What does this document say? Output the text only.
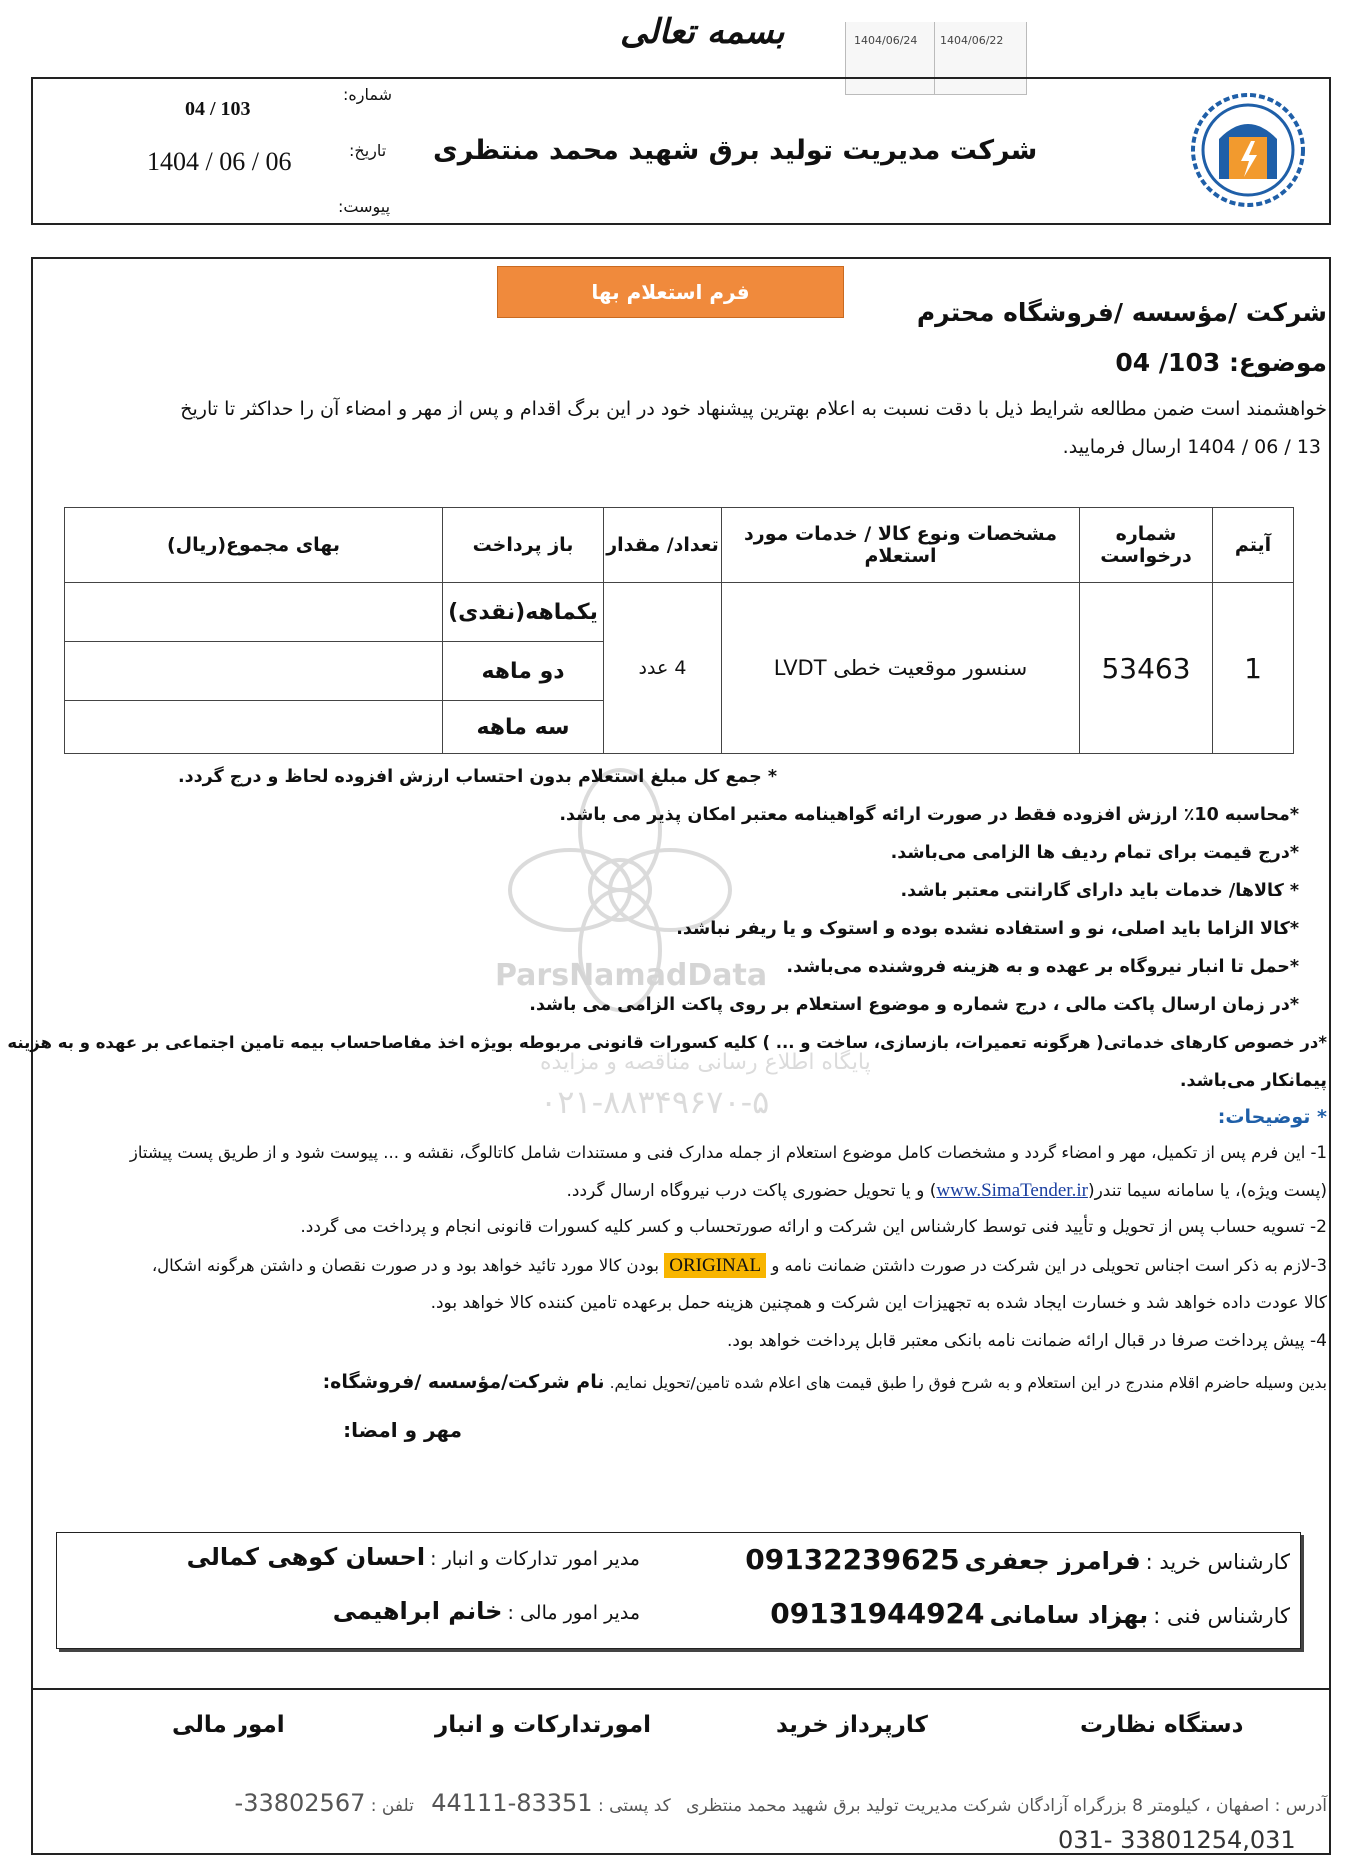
بسمه تعالی	1404/06/24 1404/06/22
شرکت مدیریت تولید برق شهید محمد منتظری
شماره:
04 / 103
تاریخ:
1404 / 06 / 06
پیوست:
فرم استعلام بها
شرکت /مؤسسه /فروشگاه محترم
موضوع: 103/ 04
خواهشمند است ضمن مطالعه شرایط ذیل با دقت نسبت به اعلام بهترین پیشنهاد خود در این برگ اقدام و پس از مهر و امضاء آن را حداکثر تا تاریخ
13 / 06 / 1404 ارسال فرمایید.
آیتم	شماره درخواست	مشخصات ونوع کالا / خدمات مورد استعلام	تعداد/ مقدار	باز پرداخت	بهای مجموع(ریال)
1	53463	سنسور موقعیت خطی LVDT	4 عدد	یکماهه(نقدی)	
				دو ماهه	
				سه ماهه	
ParsNamadData
پایگاه اطلاع رسانی مناقصه و مزایده
۰۲۱-۸۸۳۴۹۶۷۰-۵
* جمع کل مبلغ استعلام بدون احتساب ارزش افزوده لحاظ و درج گردد.
*محاسبه 10٪ ارزش افزوده فقط در صورت ارائه گواهینامه معتبر امکان پذیر می باشد.
*درج قیمت برای تمام ردیف ها الزامی می‌باشد.
* کالاها/ خدمات باید دارای گارانتی معتبر باشد.
*کالا الزاما باید اصلی، نو و استفاده نشده بوده و استوک و یا ریفر نباشد.
*حمل تا انبار نیروگاه بر عهده و به هزینه فروشنده می‌باشد.
*در زمان ارسال پاکت مالی ، درج شماره و موضوع استعلام بر روی پاکت الزامی می باشد.
*در خصوص کارهای خدماتی( هرگونه تعمیرات، بازسازی، ساخت و ... ) کلیه کسورات قانونی مربوطه بویژه اخذ مفاصاحساب بیمه تامین اجتماعی بر عهده و به هزینه
پیمانکار می‌باشد.
* توضیحات:
1- این فرم پس از تکمیل، مهر و امضاء گردد و مشخصات کامل موضوع استعلام از جمله مدارک فنی و مستندات شامل کاتالوگ، نقشه و ... پیوست شود و از طریق پست پیشتاز
(پست ویژه)، یا سامانه سیما تندر(www.SimaTender.ir) و یا تحویل حضوری پاکت درب نیروگاه ارسال گردد.
2- تسویه حساب پس از تحویل و تأیید فنی توسط کارشناس این شرکت و ارائه صورتحساب و کسر کلیه کسورات قانونی انجام و پرداخت می گردد.
3-لازم به ذکر است اجناس تحویلی در این شرکت در صورت داشتن ضمانت نامه و ORIGINAL بودن کالا مورد تائید خواهد بود و در صورت نقصان و داشتن هرگونه اشکال،
کالا عودت داده خواهد شد و خسارت ایجاد شده به تجهیزات این شرکت و همچنین هزینه حمل برعهده تامین کننده کالا خواهد بود.
4- پیش پرداخت صرفا در قبال ارائه ضمانت نامه بانکی معتبر قابل پرداخت خواهد بود.
بدین وسیله حاضرم اقلام مندرج در این استعلام و به شرح فوق را طبق قیمت های اعلام شده تامین/تحویل نمایم. نام شرکت/مؤسسه /فروشگاه:
مهر و امضا:
کارشناس خرید : فرامرز جعفری 09132239625
کارشناس فنی : بهزاد سامانی 09131944924
مدیر امور تدارکات و انبار : احسان کوهی کمالی
مدیر امور مالی : خانم ابراهیمی
دستگاه نظارت
کارپرداز خرید
امورتدارکات و انبار
امور مالی
آدرس : اصفهان ، کیلومتر 8 بزرگراه آزادگان شرکت مدیریت تولید برق شهید محمد منتظری کد پستی : 44111-83351 تلفن : -33802567
031- 33801254,031
